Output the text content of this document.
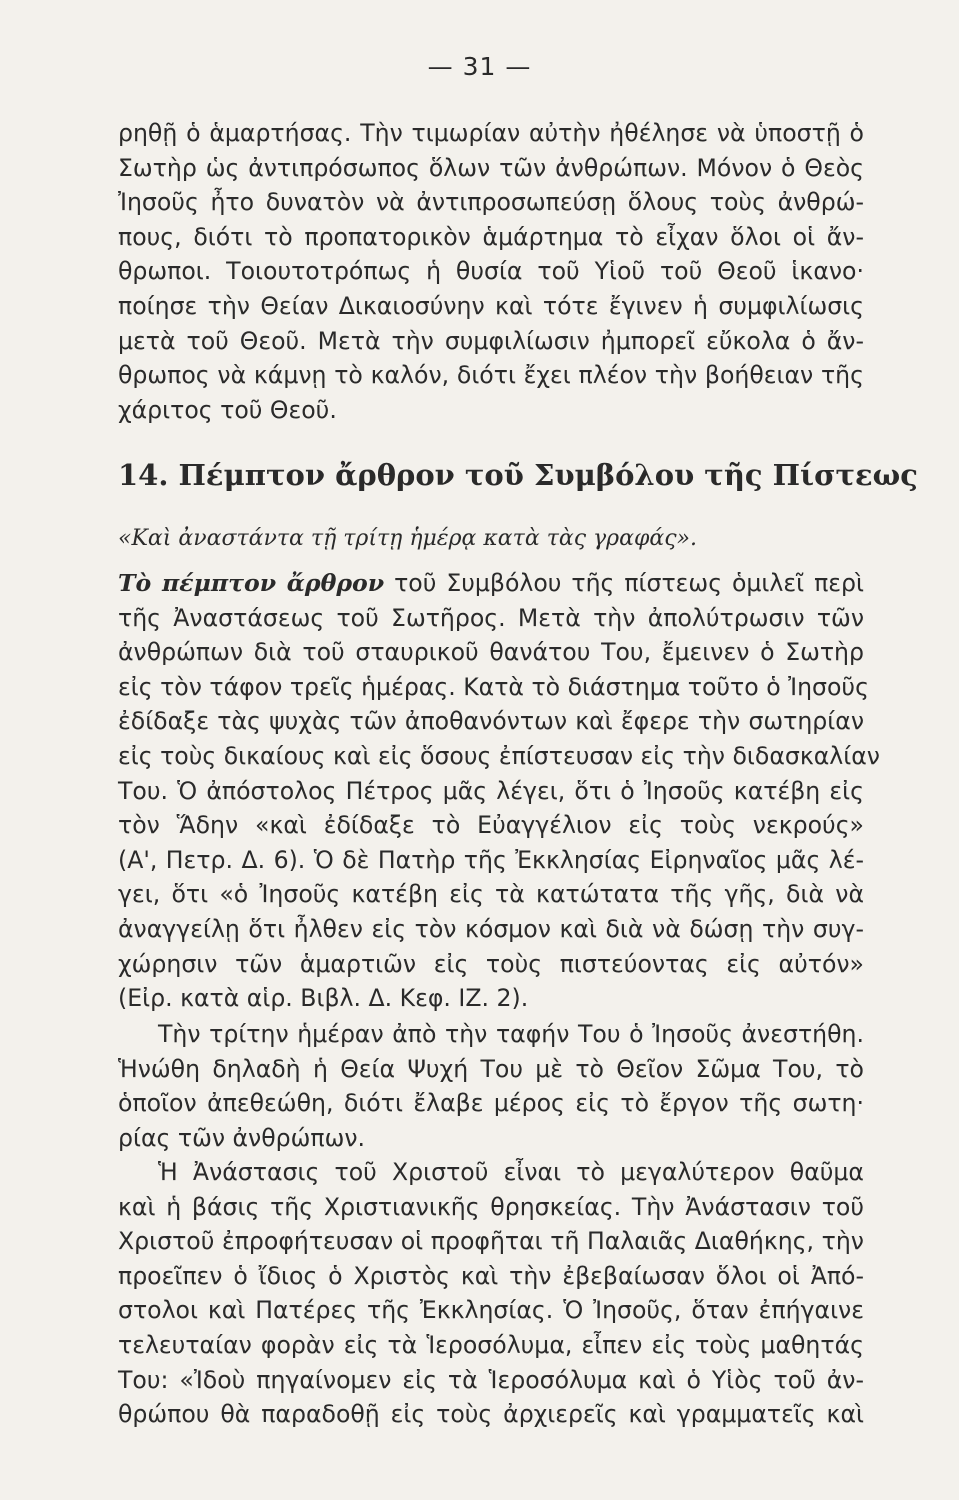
— 31 —
ρηθῇ ὁ ἁμαρτήσας. Τὴν τιμωρίαν αὐτὴν ἠθέλησε νὰ ὑποστῇ ὁ
Σωτὴρ ὡς ἀντιπρόσωπος ὅλων τῶν ἀνθρώπων. Μόνον ὁ Θεὸς
Ἰησοῦς ἦτο δυνατὸν νὰ ἀντιπροσωπεύσῃ ὅλους τοὺς ἀνθρώ-
πους, διότι τὸ προπατορικὸν ἁμάρτημα τὸ εἶχαν ὅλοι οἱ ἄν-
θρωποι. Τοιουτοτρόπως ἡ θυσία τοῦ Υἱοῦ τοῦ Θεοῦ ἱκανο·
ποίησε τὴν Θείαν Δικαιοσύνην καὶ τότε ἔγινεν ἡ συμφιλίωσις
μετὰ τοῦ Θεοῦ. Μετὰ τὴν συμφιλίωσιν ἠμπορεῖ εὔκολα ὁ ἄν-
θρωπος νὰ κάμνῃ τὸ καλόν, διότι ἔχει πλέον τὴν βοήθειαν τῆς
χάριτος τοῦ Θεοῦ.
14. Πέμπτον ἄρθρον τοῦ Συμβόλου τῆς Πίστεως
«Καὶ ἀναστάντα τῇ τρίτῃ ἡμέρᾳ κατὰ τὰς γραφάς».
Τὸ πέμπτον ἄρθρον τοῦ Συμβόλου τῆς πίστεως ὁμιλεῖ περὶ
τῆς Ἀναστάσεως τοῦ Σωτῆρος. Μετὰ τὴν ἀπολύτρωσιν τῶν
ἀνθρώπων διὰ τοῦ σταυρικοῦ θανάτου Του, ἔμεινεν ὁ Σωτὴρ
εἰς τὸν τάφον τρεῖς ἡμέρας. Κατὰ τὸ διάστημα τοῦτο ὁ Ἰησοῦς
ἐδίδαξε τὰς ψυχὰς τῶν ἀποθανόντων καὶ ἔφερε τὴν σωτηρίαν
εἰς τοὺς δικαίους καὶ εἰς ὅσους ἐπίστευσαν εἰς τὴν διδασκαλίαν
Του. Ὁ ἀπόστολος Πέτρος μᾶς λέγει, ὅτι ὁ Ἰησοῦς κατέβη εἰς
τὸν Ἅδην «καὶ ἐδίδαξε τὸ Εὐαγγέλιον εἰς τοὺς νεκρούς»
(Α', Πετρ. Δ. 6). Ὁ δὲ Πατὴρ τῆς Ἐκκλησίας Εἰρηναῖος μᾶς λέ-
γει, ὅτι «ὁ Ἰησοῦς κατέβη εἰς τὰ κατώτατα τῆς γῆς, διὰ νὰ
ἀναγγείλῃ ὅτι ἦλθεν εἰς τὸν κόσμον καὶ διὰ νὰ δώσῃ τὴν συγ-
χώρησιν τῶν ἁμαρτιῶν εἰς τοὺς πιστεύοντας εἰς αὐτόν»
(Εἰρ. κατὰ αἱρ. Βιβλ. Δ. Κεφ. ΙΖ. 2).
Τὴν τρίτην ἡμέραν ἀπὸ τὴν ταφήν Του ὁ Ἰησοῦς ἀνεστήθη.
Ἡνώθη δηλαδὴ ἡ Θεία Ψυχή Του μὲ τὸ Θεῖον Σῶμα Του, τὸ
ὁποῖον ἀπεθεώθη, διότι ἔλαβε μέρος εἰς τὸ ἔργον τῆς σωτη·
ρίας τῶν ἀνθρώπων.
Ἡ Ἀνάστασις τοῦ Χριστοῦ εἶναι τὸ μεγαλύτερον θαῦμα
καὶ ἡ βάσις τῆς Χριστιανικῆς θρησκείας. Τὴν Ἀνάστασιν τοῦ
Χριστοῦ ἐπροφήτευσαν οἱ προφῆται τῆ Παλαιᾶς Διαθήκης, τὴν
προεῖπεν ὁ ἴδιος ὁ Χριστὸς καὶ τὴν ἐβεβαίωσαν ὅλοι οἱ Ἀπό-
στολοι καὶ Πατέρες τῆς Ἐκκλησίας. Ὁ Ἰησοῦς, ὅταν ἐπήγαινε
τελευταίαν φορὰν εἰς τὰ Ἱεροσόλυμα, εἶπεν εἰς τοὺς μαθητάς
Του: «Ἰδοὺ πηγαίνομεν εἰς τὰ Ἱεροσόλυμα καὶ ὁ Υἱὸς τοῦ ἀν-
θρώπου θὰ παραδοθῇ εἰς τοὺς ἀρχιερεῖς καὶ γραμματεῖς καὶ
